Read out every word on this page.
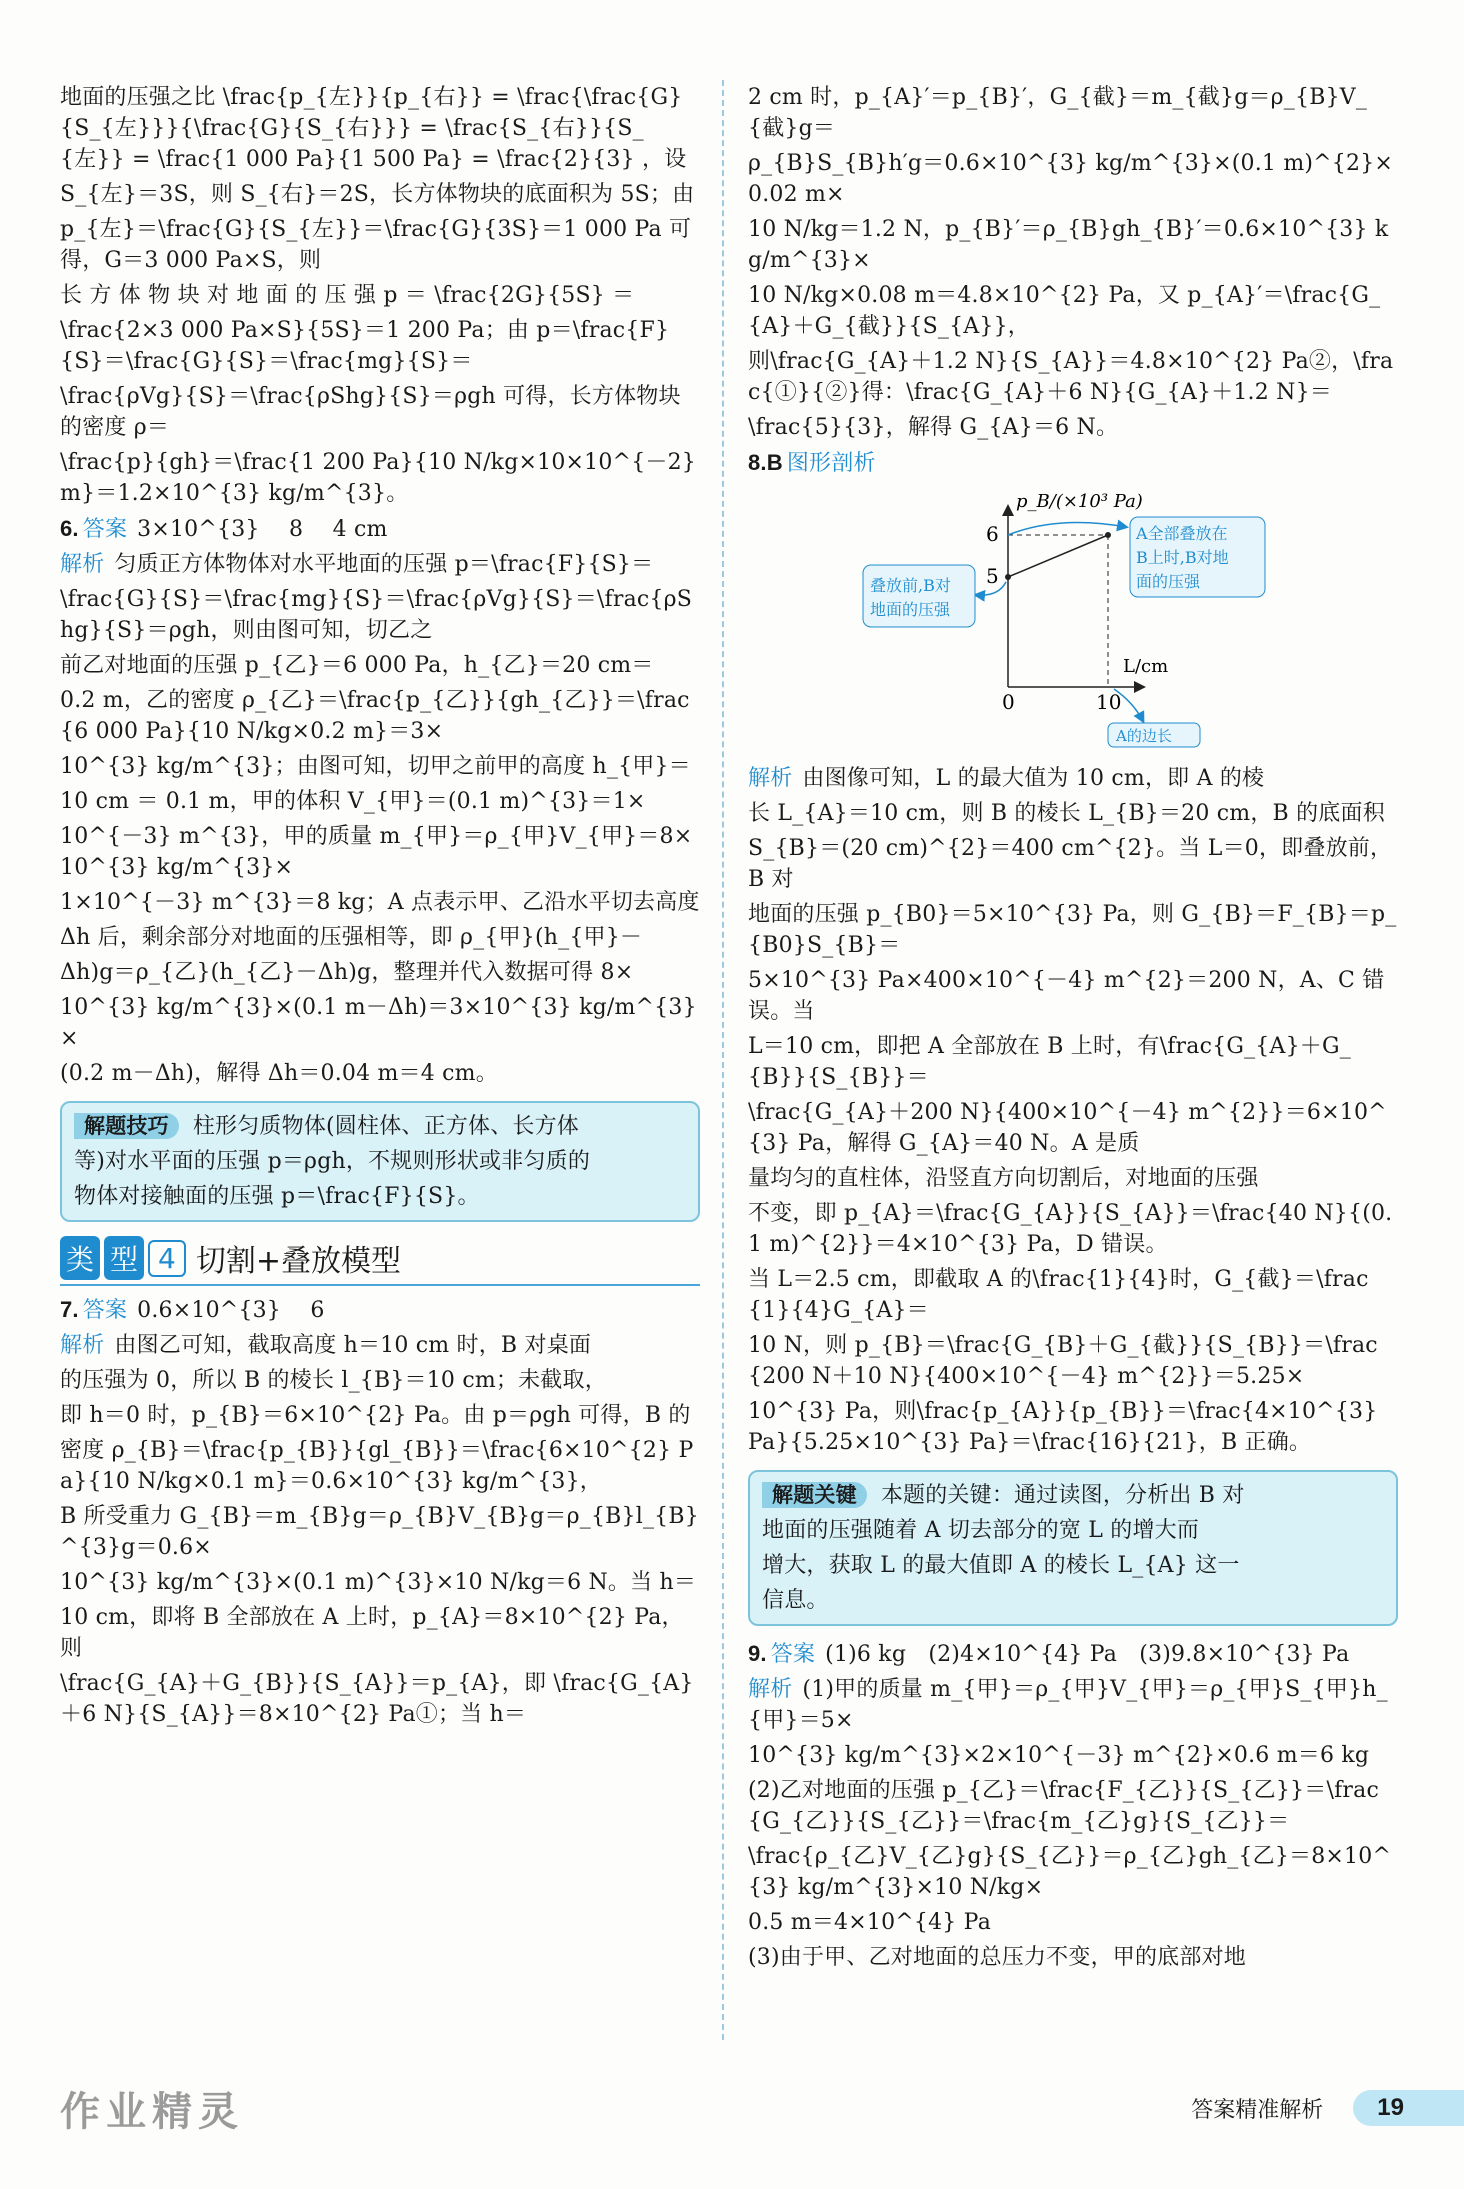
地面的压强之比 \frac{p_{左}}{p_{右}} = \frac{\frac{G}{S_{左}}}{\frac{G}{S_{右}}} = \frac{S_{右}}{S_{左}} = \frac{1 000 Pa}{1 500 Pa} = \frac{2}{3} ，设
S_{左}＝3S，则 S_{右}＝2S，长方体物块的底面积为 5S；由
p_{左}＝\frac{G}{S_{左}}＝\frac{G}{3S}＝1 000 Pa 可得，G＝3 000 Pa×S，则
长 方 体 物 块 对 地 面 的 压 强 p ＝ \frac{2G}{5S} ＝
\frac{2×3 000 Pa×S}{5S}＝1 200 Pa；由 p＝\frac{F}{S}＝\frac{G}{S}＝\frac{mg}{S}＝
\frac{ρVg}{S}＝\frac{ρShg}{S}＝ρgh 可得，长方体物块的密度 ρ＝
\frac{p}{gh}＝\frac{1 200 Pa}{10 N/kg×10×10^{－2} m}＝1.2×10^{3} kg/m^{3}。
6. 答案 3×10^{3}　 8　 4 cm
解析 匀质正方体物体对水平地面的压强 p＝\frac{F}{S}＝
\frac{G}{S}＝\frac{mg}{S}＝\frac{ρVg}{S}＝\frac{ρShg}{S}＝ρgh，则由图可知，切乙之
前乙对地面的压强 p_{乙}＝6 000 Pa，h_{乙}＝20 cm＝
0.2 m，乙的密度 ρ_{乙}＝\frac{p_{乙}}{gh_{乙}}＝\frac{6 000 Pa}{10 N/kg×0.2 m}＝3×
10^{3} kg/m^{3}；由图可知，切甲之前甲的高度 h_{甲}＝
10 cm ＝ 0.1 m，甲的体积 V_{甲}＝(0.1 m)^{3}＝1×
10^{－3} m^{3}，甲的质量 m_{甲}＝ρ_{甲}V_{甲}＝8×10^{3} kg/m^{3}×
1×10^{－3} m^{3}＝8 kg；A 点表示甲、乙沿水平切去高度
Δh 后，剩余部分对地面的压强相等，即 ρ_{甲}(h_{甲}－
Δh)g＝ρ_{乙}(h_{乙}－Δh)g，整理并代入数据可得 8×
10^{3} kg/m^{3}×(0.1 m－Δh)＝3×10^{3} kg/m^{3}×
(0.2 m－Δh)，解得 Δh＝0.04 m＝4 cm。
解题技巧 柱形匀质物体(圆柱体、正方体、长方体
等)对水平面的压强 p＝ρgh，不规则形状或非匀质的
物体对接触面的压强 p＝\frac{F}{S}。
类 型 4 切割+叠放模型
7. 答案 0.6×10^{3}　 6
解析 由图乙可知，截取高度 h＝10 cm 时，B 对桌面
的压强为 0，所以 B 的棱长 l_{B}＝10 cm；未截取，
即 h＝0 时，p_{B}＝6×10^{2} Pa。由 p＝ρgh 可得，B 的
密度 ρ_{B}＝\frac{p_{B}}{gl_{B}}＝\frac{6×10^{2} Pa}{10 N/kg×0.1 m}＝0.6×10^{3} kg/m^{3}，
B 所受重力 G_{B}＝m_{B}g＝ρ_{B}V_{B}g＝ρ_{B}l_{B}^{3}g＝0.6×
10^{3} kg/m^{3}×(0.1 m)^{3}×10 N/kg＝6 N。当 h＝
10 cm，即将 B 全部放在 A 上时，p_{A}＝8×10^{2} Pa，则
\frac{G_{A}＋G_{B}}{S_{A}}＝p_{A}，即 \frac{G_{A}＋6 N}{S_{A}}＝8×10^{2} Pa①；当 h＝
2 cm 时，p_{A}′＝p_{B}′，G_{截}＝m_{截}g＝ρ_{B}V_{截}g＝
ρ_{B}S_{B}h′g＝0.6×10^{3} kg/m^{3}×(0.1 m)^{2}×0.02 m×
10 N/kg＝1.2 N，p_{B}′＝ρ_{B}gh_{B}′＝0.6×10^{3} kg/m^{3}×
10 N/kg×0.08 m＝4.8×10^{2} Pa，又 p_{A}′＝\frac{G_{A}＋G_{截}}{S_{A}}，
则\frac{G_{A}＋1.2 N}{S_{A}}＝4.8×10^{2} Pa②，\frac{①}{②}得：\frac{G_{A}＋6 N}{G_{A}＋1.2 N}＝
\frac{5}{3}，解得 G_{A}＝6 N。
8.B 图形剖析
p_B/(×10³ Pa)
L/cm
6
5
0	10
叠放前,B对
地面的压强
A全部叠放在
B上时,B对地
面的压强
A的边长
解析 由图像可知，L 的最大值为 10 cm，即 A 的棱
长 L_{A}＝10 cm，则 B 的棱长 L_{B}＝20 cm，B 的底面积
S_{B}＝(20 cm)^{2}＝400 cm^{2}。当 L＝0，即叠放前，B 对
地面的压强 p_{B0}＝5×10^{3} Pa，则 G_{B}＝F_{B}＝p_{B0}S_{B}＝
5×10^{3} Pa×400×10^{－4} m^{2}＝200 N，A、C 错误。当
L＝10 cm，即把 A 全部放在 B 上时，有\frac{G_{A}＋G_{B}}{S_{B}}＝
\frac{G_{A}＋200 N}{400×10^{－4} m^{2}}＝6×10^{3} Pa，解得 G_{A}＝40 N。A 是质
量均匀的直柱体，沿竖直方向切割后，对地面的压强
不变，即 p_{A}＝\frac{G_{A}}{S_{A}}＝\frac{40 N}{(0.1 m)^{2}}＝4×10^{3} Pa，D 错误。
当 L＝2.5 cm，即截取 A 的\frac{1}{4}时，G_{截}＝\frac{1}{4}G_{A}＝
10 N，则 p_{B}＝\frac{G_{B}＋G_{截}}{S_{B}}＝\frac{200 N＋10 N}{400×10^{－4} m^{2}}＝5.25×
10^{3} Pa，则\frac{p_{A}}{p_{B}}＝\frac{4×10^{3} Pa}{5.25×10^{3} Pa}＝\frac{16}{21}，B 正确。
解题关键 本题的关键：通过读图，分析出 B 对
地面的压强随着 A 切去部分的宽 L 的增大而
增大，获取 L 的最大值即 A 的棱长 L_{A} 这一
信息。
9. 答案 (1)6 kg　(2)4×10^{4} Pa　(3)9.8×10^{3} Pa
解析 (1)甲的质量 m_{甲}＝ρ_{甲}V_{甲}＝ρ_{甲}S_{甲}h_{甲}＝5×
10^{3} kg/m^{3}×2×10^{－3} m^{2}×0.6 m＝6 kg
(2)乙对地面的压强 p_{乙}＝\frac{F_{乙}}{S_{乙}}＝\frac{G_{乙}}{S_{乙}}＝\frac{m_{乙}g}{S_{乙}}＝
\frac{ρ_{乙}V_{乙}g}{S_{乙}}＝ρ_{乙}gh_{乙}＝8×10^{3} kg/m^{3}×10 N/kg×
0.5 m＝4×10^{4} Pa
(3)由于甲、乙对地面的总压力不变，甲的底部对地
作业精灵	答案精准解析	19
